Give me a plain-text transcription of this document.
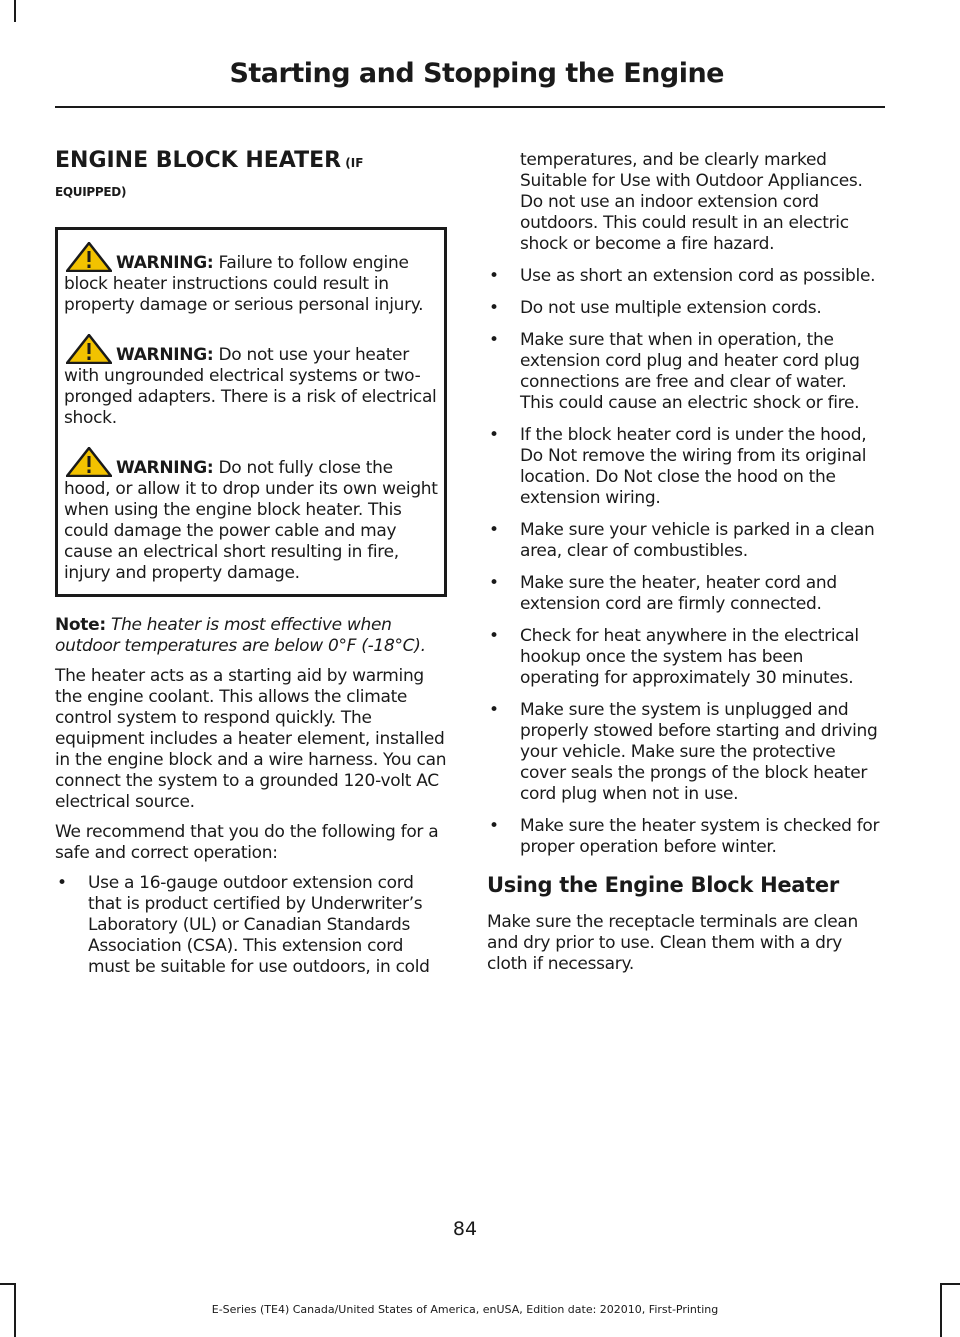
Starting and Stopping the Engine
ENGINE BLOCK HEATER (IF
EQUIPPED)
WARNING: Failure to follow engine block heater instructions could result in property damage or serious personal injury.
WARNING: Do not use your heater with ungrounded electrical systems or two-pronged adapters. There is a risk of electrical shock.
WARNING: Do not fully close the hood, or allow it to drop under its own weight when using the engine block heater. This could damage the power cable and may cause an electrical short resulting in fire, injury and property damage.

Note: The heater is most effective when outdoor temperatures are below 0°F (-18°C).

The heater acts as a starting aid by warming the engine coolant. This allows the climate control system to respond quickly. The equipment includes a heater element, installed in the engine block and a wire harness. You can connect the system to a grounded 120-volt AC electrical source.

We recommend that you do the following for a safe and correct operation:

• Use a 16-gauge outdoor extension cord that is product certified by Underwriter’s Laboratory (UL) or Canadian Standards Association (CSA). This extension cord must be suitable for use outdoors, in cold
temperatures, and be clearly marked Suitable for Use with Outdoor Appliances. Do not use an indoor extension cord outdoors. This could result in an electric shock or become a fire hazard.
• Use as short an extension cord as possible.
• Do not use multiple extension cords.
• Make sure that when in operation, the extension cord plug and heater cord plug connections are free and clear of water. This could cause an electric shock or fire.
• If the block heater cord is under the hood, Do Not remove the wiring from its original location. Do Not close the hood on the extension wiring.
• Make sure your vehicle is parked in a clean area, clear of combustibles.
• Make sure the heater, heater cord and extension cord are firmly connected.
• Check for heat anywhere in the electrical hookup once the system has been operating for approximately 30 minutes.
• Make sure the system is unplugged and properly stowed before starting and driving your vehicle. Make sure the protective cover seals the prongs of the block heater cord plug when not in use.
• Make sure the heater system is checked for proper operation before winter.
Using the Engine Block Heater

Make sure the receptacle terminals are clean and dry prior to use. Clean them with a dry cloth if necessary.

84
E-Series (TE4) Canada/United States of America, enUSA, Edition date: 202010, First-Printing
